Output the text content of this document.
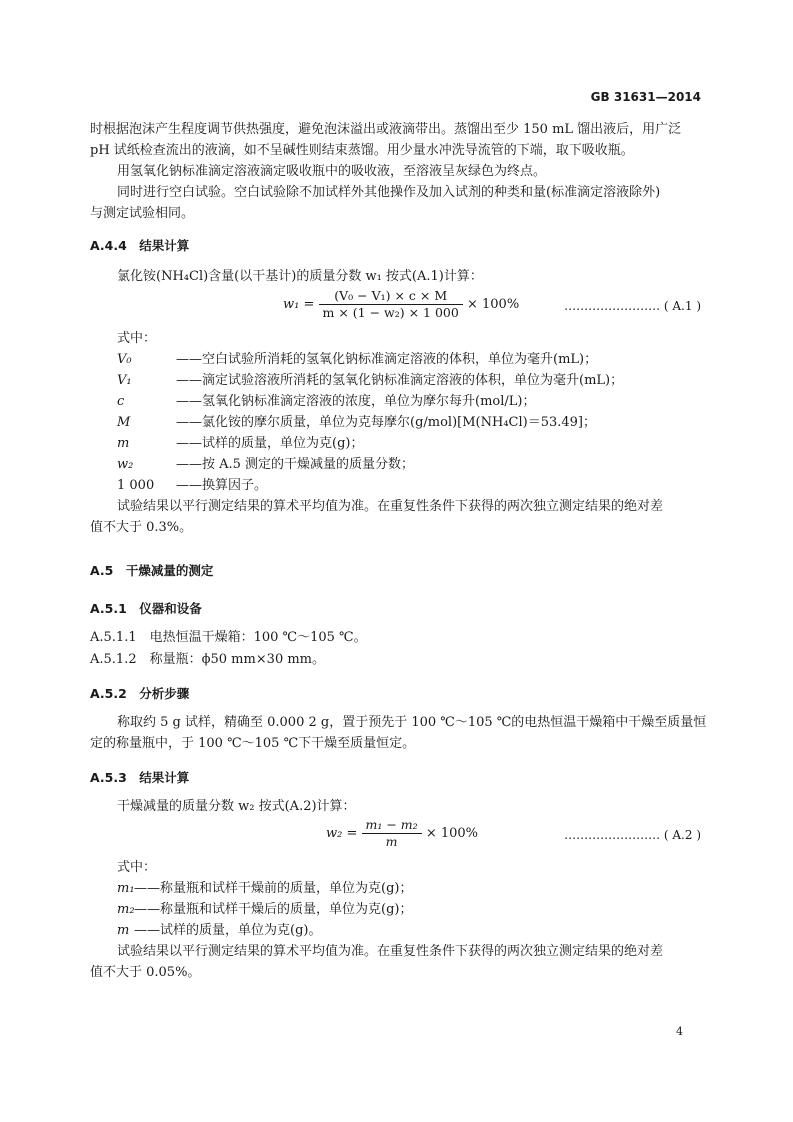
GB 31631—2014
时根据泡沫产生程度调节供热强度，避免泡沫溢出或液滴带出。蒸馏出至少 150 mL 馏出液后，用广泛
pH 试纸检查流出的液滴，如不呈碱性则结束蒸馏。用少量水冲洗导流管的下端，取下吸收瓶。
用氢氧化钠标准滴定溶液滴定吸收瓶中的吸收液，至溶液呈灰绿色为终点。
同时进行空白试验。空白试验除不加试样外其他操作及加入试剂的种类和量(标准滴定溶液除外)
与测定试验相同。
A.4.4　结果计算
氯化铵(NH₄Cl)含量(以干基计)的质量分数 w₁ 按式(A.1)计算：
$w_1 = \frac{\text{(V₀ − V₁) × c × M}}{\text{m × (1 − w₂) × 1 000}} \times 100\%$	…………………… ( A.1 )
式中：
V₀	——空白试验所消耗的氢氧化钠标准滴定溶液的体积，单位为毫升(mL)；
V₁	——滴定试验溶液所消耗的氢氧化钠标准滴定溶液的体积，单位为毫升(mL)；
c	——氢氧化钠标准滴定溶液的浓度，单位为摩尔每升(mol/L)；
M	——氯化铵的摩尔质量，单位为克每摩尔(g/mol)[M(NH₄Cl)＝53.49]；
m	——试样的质量，单位为克(g)；
w₂	——按 A.5 测定的干燥减量的质量分数；
1 000 ——换算因子。
试验结果以平行测定结果的算术平均值为准。在重复性条件下获得的两次独立测定结果的绝对差
值不大于 0.3%。
A.5　干燥减量的测定
A.5.1　仪器和设备
A.5.1.1　电热恒温干燥箱：100 ℃～105 ℃。
A.5.1.2　称量瓶：ϕ50 mm×30 mm。
A.5.2　分析步骤
称取约 5 g 试样，精确至 0.000 2 g，置于预先于 100 ℃～105 ℃的电热恒温干燥箱中干燥至质量恒
定的称量瓶中，于 100 ℃～105 ℃下干燥至质量恒定。
A.5.3　结果计算
干燥减量的质量分数 w₂ 按式(A.2)计算：
$w_2 = \frac{\text{m₁ − m₂}}{m} \times 100\%$	…………………… ( A.2 )
式中：
m₁ ——称量瓶和试样干燥前的质量，单位为克(g)；
m₂ ——称量瓶和试样干燥后的质量，单位为克(g)；
m ——试样的质量，单位为克(g)。
试验结果以平行测定结果的算术平均值为准。在重复性条件下获得的两次独立测定结果的绝对差
值不大于 0.05%。
4
